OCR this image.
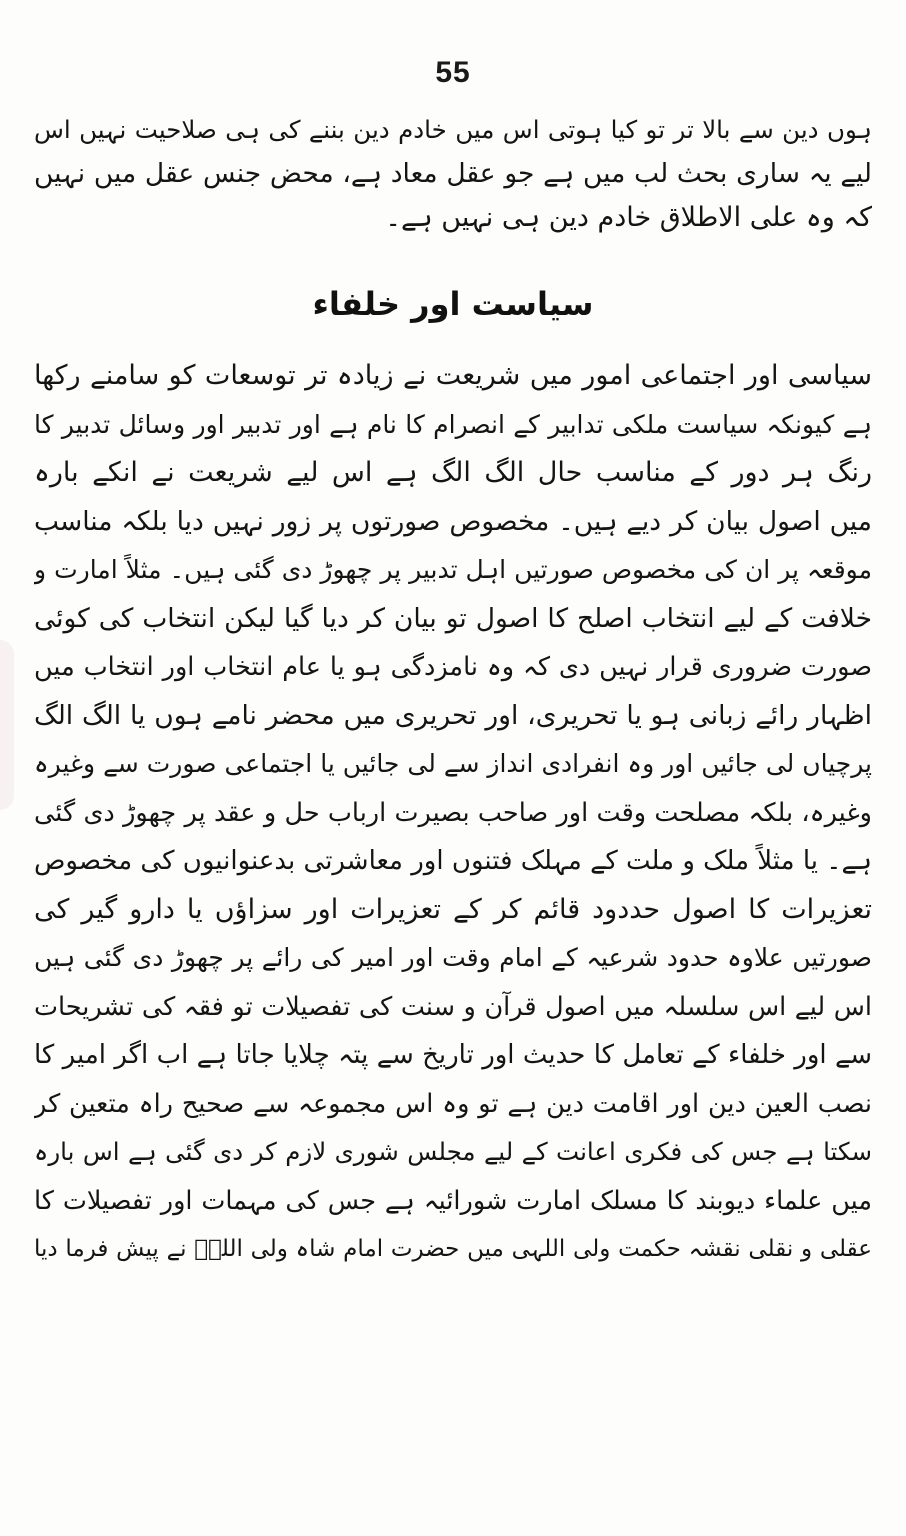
55
ہوں دین سے بالا تر تو کیا ہوتی اس میں خادم دین بننے کی ہی صلاحیت نہیں اس
لیے یہ ساری بحث لب میں ہے جو عقل معاد ہے، محض جنس عقل میں نہیں
کہ وہ علی الاطلاق خادم دین ہی نہیں ہے۔
سیاست اور خلفاء
سیاسی اور اجتماعی امور میں شریعت نے زیادہ تر توسعات کو سامنے رکھا
ہے کیونکہ سیاست ملکی تدابیر کے انصرام کا نام ہے اور تدبیر اور وسائل تدبیر کا
رنگ ہر دور کے مناسب حال الگ الگ ہے اس لیے شریعت نے انکے بارہ
میں اصول بیان کر دیے ہیں۔ مخصوص صورتوں پر زور نہیں دیا بلکہ مناسب
موقعہ پر ان کی مخصوص صورتیں اہل تدبیر پر چھوڑ دی گئی ہیں۔ مثلاً امارت و
خلافت کے لیے انتخاب اصلح کا اصول تو بیان کر دیا گیا لیکن انتخاب کی کوئی
صورت ضروری قرار نہیں دی کہ وہ نامزدگی ہو یا عام انتخاب اور انتخاب میں
اظہار رائے زبانی ہو یا تحریری، اور تحریری میں محضر نامے ہوں یا الگ الگ
پرچیاں لی جائیں اور وہ انفرادی انداز سے لی جائیں یا اجتماعی صورت سے وغیرہ
وغیرہ، بلکہ مصلحت وقت اور صاحب بصیرت ارباب حل و عقد پر چھوڑ دی گئی
ہے۔ یا مثلاً ملک و ملت کے مہلک فتنوں اور معاشرتی بدعنوانیوں کی مخصوص
تعزیرات کا اصول حددود قائم کر کے تعزیرات اور سزاؤں یا دارو گیر کی
صورتیں علاوہ حدود شرعیہ کے امام وقت اور امیر کی رائے پر چھوڑ دی گئی ہیں
اس لیے اس سلسلہ میں اصول قرآن و سنت کی تفصیلات تو فقہ کی تشریحات
سے اور خلفاء کے تعامل کا حدیث اور تاریخ سے پتہ چلایا جاتا ہے اب اگر امیر کا
نصب العین دین اور اقامت دین ہے تو وہ اس مجموعہ سے صحیح راہ متعین کر
سکتا ہے جس کی فکری اعانت کے لیے مجلس شوری لازم کر دی گئی ہے اس بارہ
میں علماء دیوبند کا مسلک امارت شورائیہ ہے جس کی مہمات اور تفصیلات کا
عقلی و نقلی نقشہ حکمت ولی اللہی میں حضرت امام شاہ ولی اللہؒ نے پیش فرما دیا
